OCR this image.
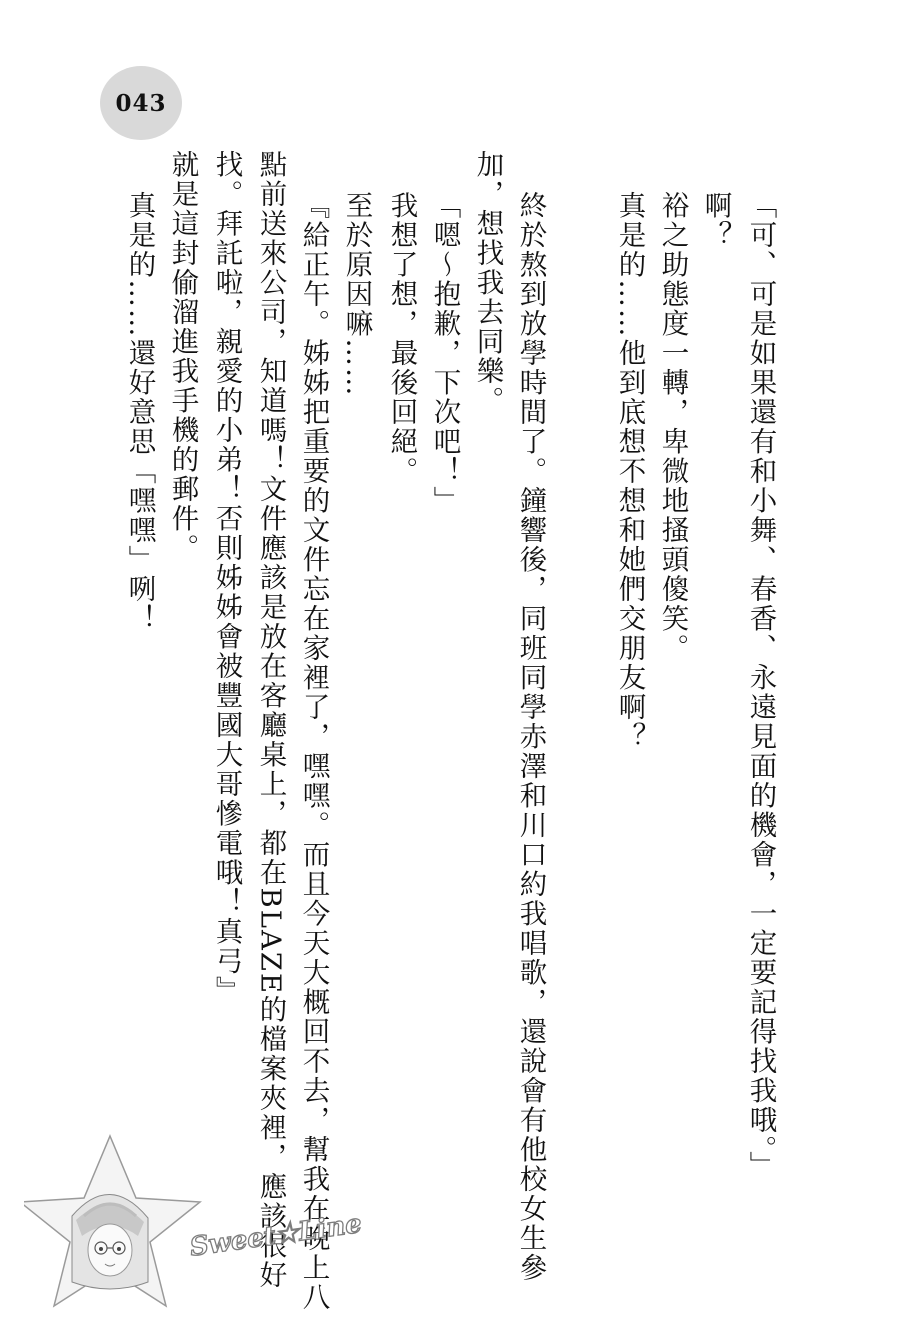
043
「可、可是如果還有和小舞、春香、永遠見面的機會，一定要記得找我哦。」
啊？
裕之助態度一轉，卑微地搔頭傻笑。
真是的……他到底想不想和她們交朋友啊？
終於熬到放學時間了。鐘響後，同班同學赤澤和川口約我唱歌，還說會有他校女生參
加，想找我去同樂。
「嗯～抱歉，下次吧！」
我想了想，最後回絕。
至於原因嘛……
『給正午。姊姊把重要的文件忘在家裡了，嘿嘿。而且今天大概回不去，幫我在晚上八
點前送來公司，知道嗎！文件應該是放在客廳桌上，都在BLAZE的檔案夾裡，應該很好
找。拜託啦，親愛的小弟！否則姊姊會被豐國大哥慘電哦！真弓』
就是這封偷溜進我手機的郵件。
真是的……還好意思「嘿嘿」咧！
Sweet★Line
